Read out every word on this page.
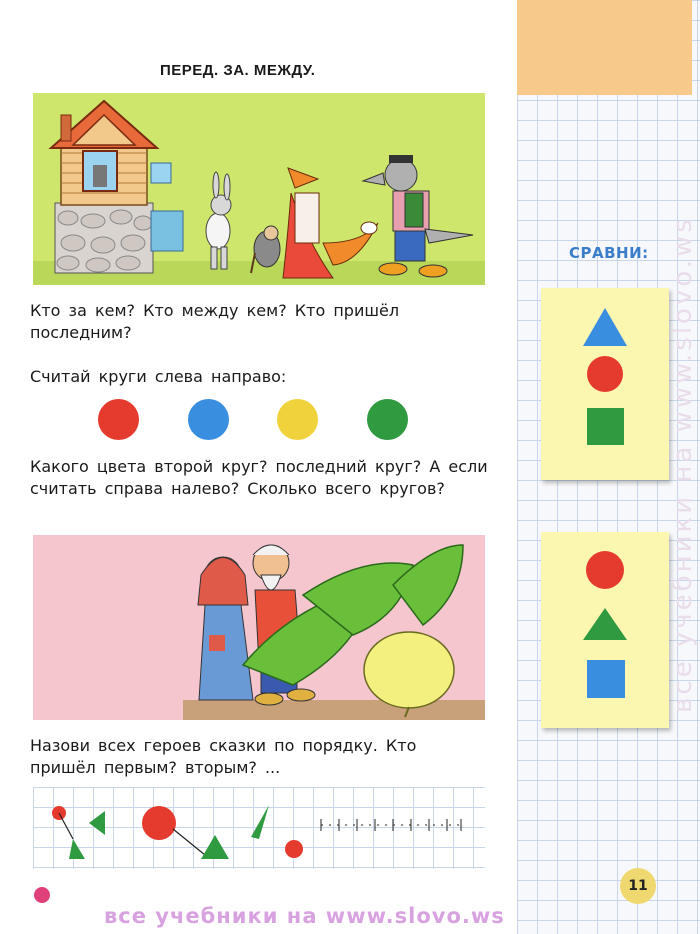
СРАВНИ: все учебники на www.slovo.ws
11
ПЕРЕД. ЗА. МЕЖДУ.
Кто за кем? Кто между кем? Кто пришёл последним?
Считай круги слева направо:
Какого цвета второй круг? последний круг? А если считать справа налево? Сколько всего кругов?
Назови всех героев сказки по порядку. Кто пришёл первым? вторым? ...
все учебники на www.slovo.ws
